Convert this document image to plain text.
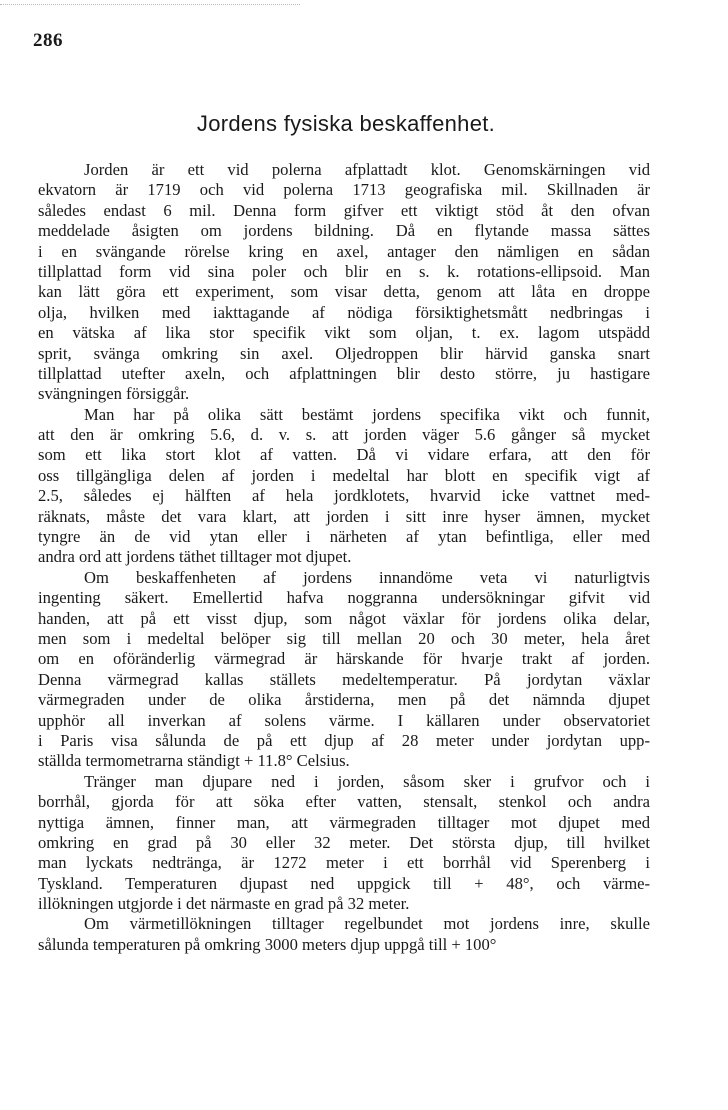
286
Jordens fysiska beskaffenhet.
Jorden är ett vid polerna afplattadt klot. Genomskärningen vid
ekvatorn är 1719 och vid polerna 1713 geografiska mil. Skillnaden är
således endast 6 mil. Denna form gifver ett viktigt stöd åt den ofvan
meddelade åsigten om jordens bildning. Då en flytande massa sättes
i en svängande rörelse kring en axel, antager den nämligen en sådan
tillplattad form vid sina poler och blir en s. k. rotations-ellipsoid. Man
kan lätt göra ett experiment, som visar detta, genom att låta en droppe
olja, hvilken med iakttagande af nödiga försiktighetsmått nedbringas i
en vätska af lika stor specifik vikt som oljan, t. ex. lagom utspädd
sprit, svänga omkring sin axel. Oljedroppen blir härvid ganska snart
tillplattad utefter axeln, och afplattningen blir desto större, ju hastigare
svängningen försiggår.
Man har på olika sätt bestämt jordens specifika vikt och funnit,
att den är omkring 5.6, d. v. s. att jorden väger 5.6 gånger så mycket
som ett lika stort klot af vatten. Då vi vidare erfara, att den för
oss tillgängliga delen af jorden i medeltal har blott en specifik vigt af
2.5, således ej hälften af hela jordklotets, hvarvid icke vattnet med-
räknats, måste det vara klart, att jorden i sitt inre hyser ämnen, mycket
tyngre än de vid ytan eller i närheten af ytan befintliga, eller med
andra ord att jordens täthet tilltager mot djupet.
Om beskaffenheten af jordens innandöme veta vi naturligtvis
ingenting säkert. Emellertid hafva noggranna undersökningar gifvit vid
handen, att på ett visst djup, som något växlar för jordens olika delar,
men som i medeltal belöper sig till mellan 20 och 30 meter, hela året
om en oföränderlig värmegrad är härskande för hvarje trakt af jorden.
Denna värmegrad kallas ställets medeltemperatur. På jordytan växlar
värmegraden under de olika årstiderna, men på det nämnda djupet
upphör all inverkan af solens värme. I källaren under observatoriet
i Paris visa sålunda de på ett djup af 28 meter under jordytan upp-
ställda termometrarna ständigt + 11.8° Celsius.
Tränger man djupare ned i jorden, såsom sker i grufvor och i
borrhål, gjorda för att söka efter vatten, stensalt, stenkol och andra
nyttiga ämnen, finner man, att värmegraden tilltager mot djupet med
omkring en grad på 30 eller 32 meter. Det största djup, till hvilket
man lyckats nedtränga, är 1272 meter i ett borrhål vid Sperenberg i
Tyskland. Temperaturen djupast ned uppgick till + 48°, och värme-
illökningen utgjorde i det närmaste en grad på 32 meter.
Om värmetillökningen tilltager regelbundet mot jordens inre, skulle
sålunda temperaturen på omkring 3000 meters djup uppgå till + 100°
